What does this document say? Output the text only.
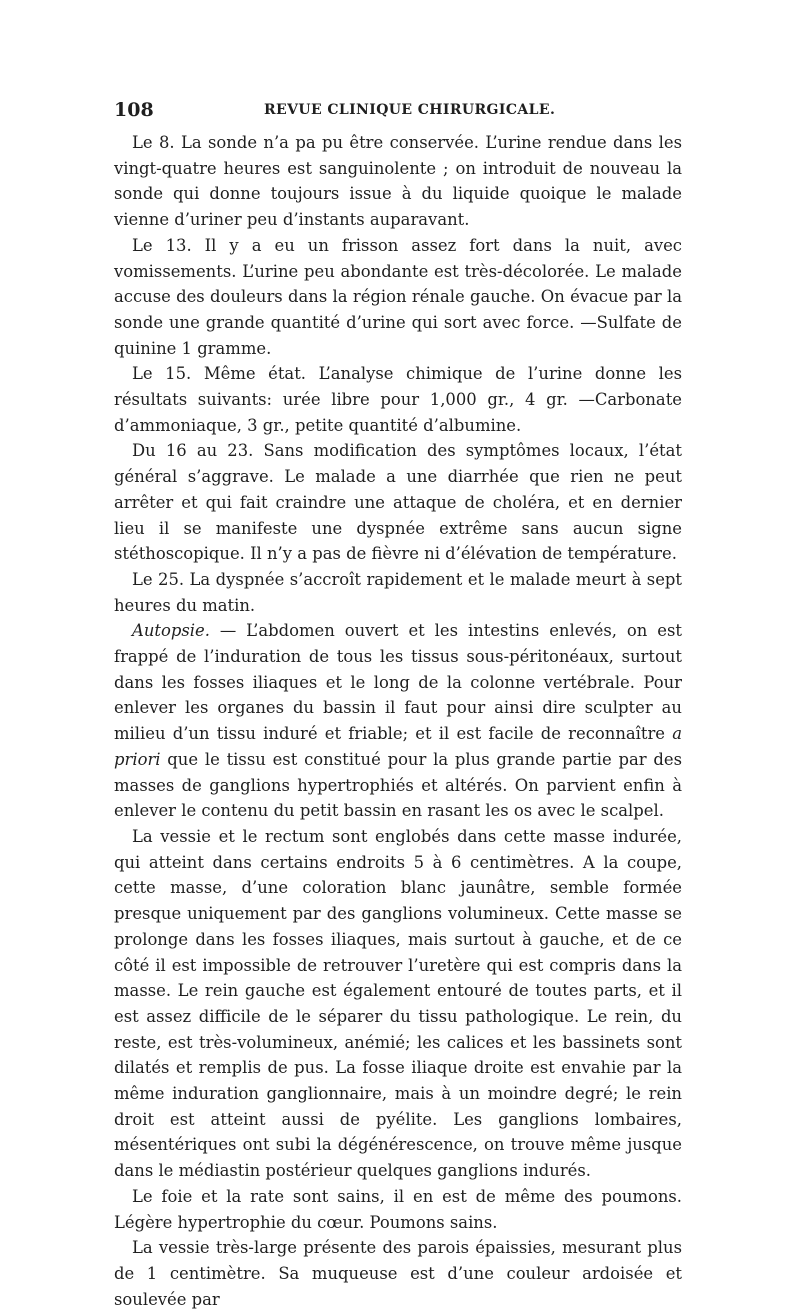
108	REVUE CLINIQUE CHIRURGICALE.

Le 8. La sonde n’a pa pu être conservée. L’urine rendue dans les vingt-quatre heures est sanguinolente ; on introduit de nouveau la sonde qui donne toujours issue à du liquide quoique le malade vienne d’uriner peu d’instants auparavant.

Le 13. Il y a eu un frisson assez fort dans la nuit, avec vomissements. L’urine peu abondante est très-décolorée. Le malade accuse des douleurs dans la région rénale gauche. On évacue par la sonde une grande quantité d’urine qui sort avec force. —Sulfate de quinine 1 gramme.

Le 15. Même état. L’analyse chimique de l’urine donne les résultats suivants: urée libre pour 1,000 gr., 4 gr. —Carbonate d’ammoniaque, 3 gr., petite quantité d’albumine.

Du 16 au 23. Sans modification des symptômes locaux, l’état général s’aggrave. Le malade a une diarrhée que rien ne peut arrêter et qui fait craindre une attaque de choléra, et en dernier lieu il se manifeste une dyspnée extrême sans aucun signe stéthoscopique. Il n’y a pas de fièvre ni d’élévation de température.

Le 25. La dyspnée s’accroît rapidement et le malade meurt à sept heures du matin.

Autopsie. — L’abdomen ouvert et les intestins enlevés, on est frappé de l’induration de tous les tissus sous-péritonéaux, surtout dans les fosses iliaques et le long de la colonne vertébrale. Pour enlever les organes du bassin il faut pour ainsi dire sculpter au milieu d’un tissu induré et friable; et il est facile de reconnaître a priori que le tissu est constitué pour la plus grande partie par des masses de ganglions hypertrophiés et altérés. On parvient enfin à enlever le contenu du petit bassin en rasant les os avec le scalpel.

La vessie et le rectum sont englobés dans cette masse indurée, qui atteint dans certains endroits 5 à 6 centimètres. A la coupe, cette masse, d’une coloration blanc jaunâtre, semble formée presque uniquement par des ganglions volumineux. Cette masse se prolonge dans les fosses iliaques, mais surtout à gauche, et de ce côté il est impossible de retrouver l’uretère qui est compris dans la masse. Le rein gauche est également entouré de toutes parts, et il est assez difficile de le séparer du tissu pathologique. Le rein, du reste, est très-volumineux, anémié; les calices et les bassinets sont dilatés et remplis de pus. La fosse iliaque droite est envahie par la même induration ganglionnaire, mais à un moindre degré; le rein droit est atteint aussi de pyélite. Les ganglions lombaires, mésentériques ont subi la dégénérescence, on trouve même jusque dans le médiastin postérieur quelques ganglions indurés.

Le foie et la rate sont sains, il en est de même des poumons. Légère hypertrophie du cœur. Poumons sains.

La vessie très-large présente des parois épaissies, mesurant plus de 1 centimètre. Sa muqueuse est d’une couleur ardoisée et soulevée par
